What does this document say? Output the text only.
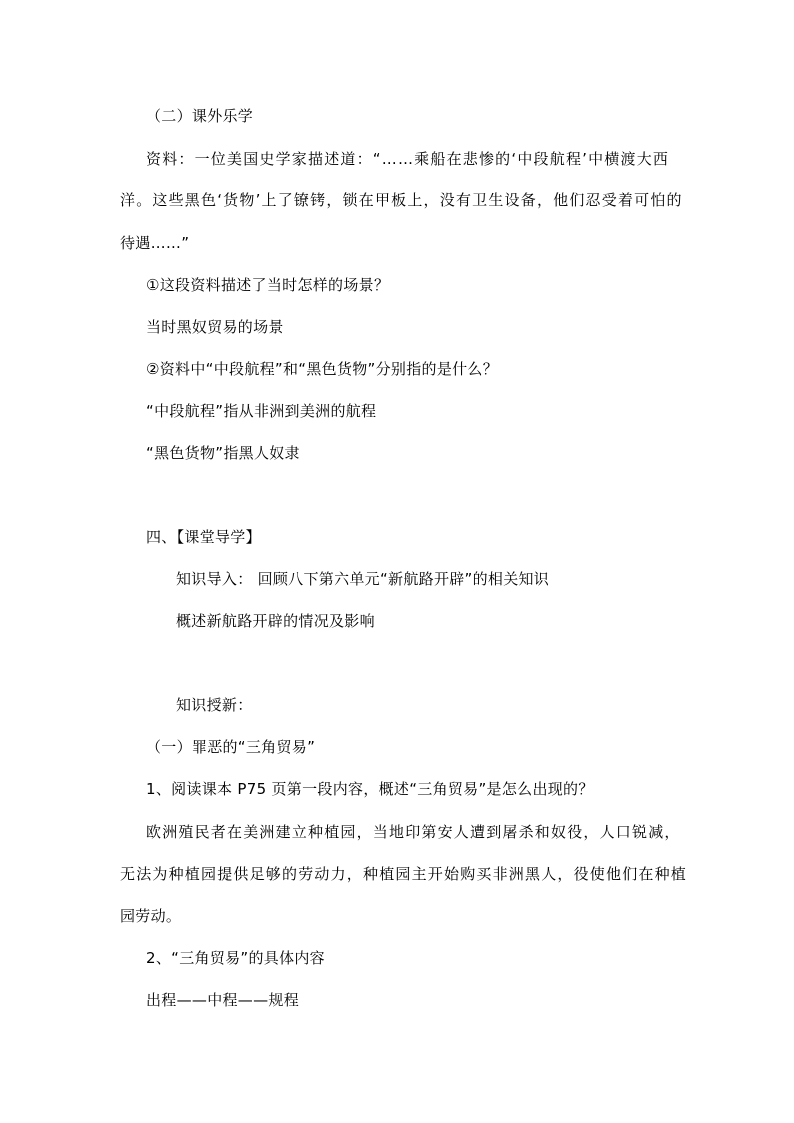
（二）课外乐学
资料：一位美国史学家描述道：“……乘船在悲惨的‘中段航程’中横渡大西
洋。这些黑色‘货物’上了镣铐，锁在甲板上，没有卫生设备，他们忍受着可怕的
待遇……”
①这段资料描述了当时怎样的场景？
当时黑奴贸易的场景
②资料中“中段航程”和“黑色货物”分别指的是什么？
“中段航程”指从非洲到美洲的航程
“黑色货物”指黑人奴隶
四、【课堂导学】
知识导入： 回顾八下第六单元“新航路开辟”的相关知识
概述新航路开辟的情况及影响
知识授新：
（一）罪恶的“三角贸易”
1、阅读课本 P75 页第一段内容，概述“三角贸易”是怎么出现的？
欧洲殖民者在美洲建立种植园，当地印第安人遭到屠杀和奴役，人口锐减，
无法为种植园提供足够的劳动力，种植园主开始购买非洲黑人，役使他们在种植
园劳动。
2、“三角贸易”的具体内容
出程——中程——规程
